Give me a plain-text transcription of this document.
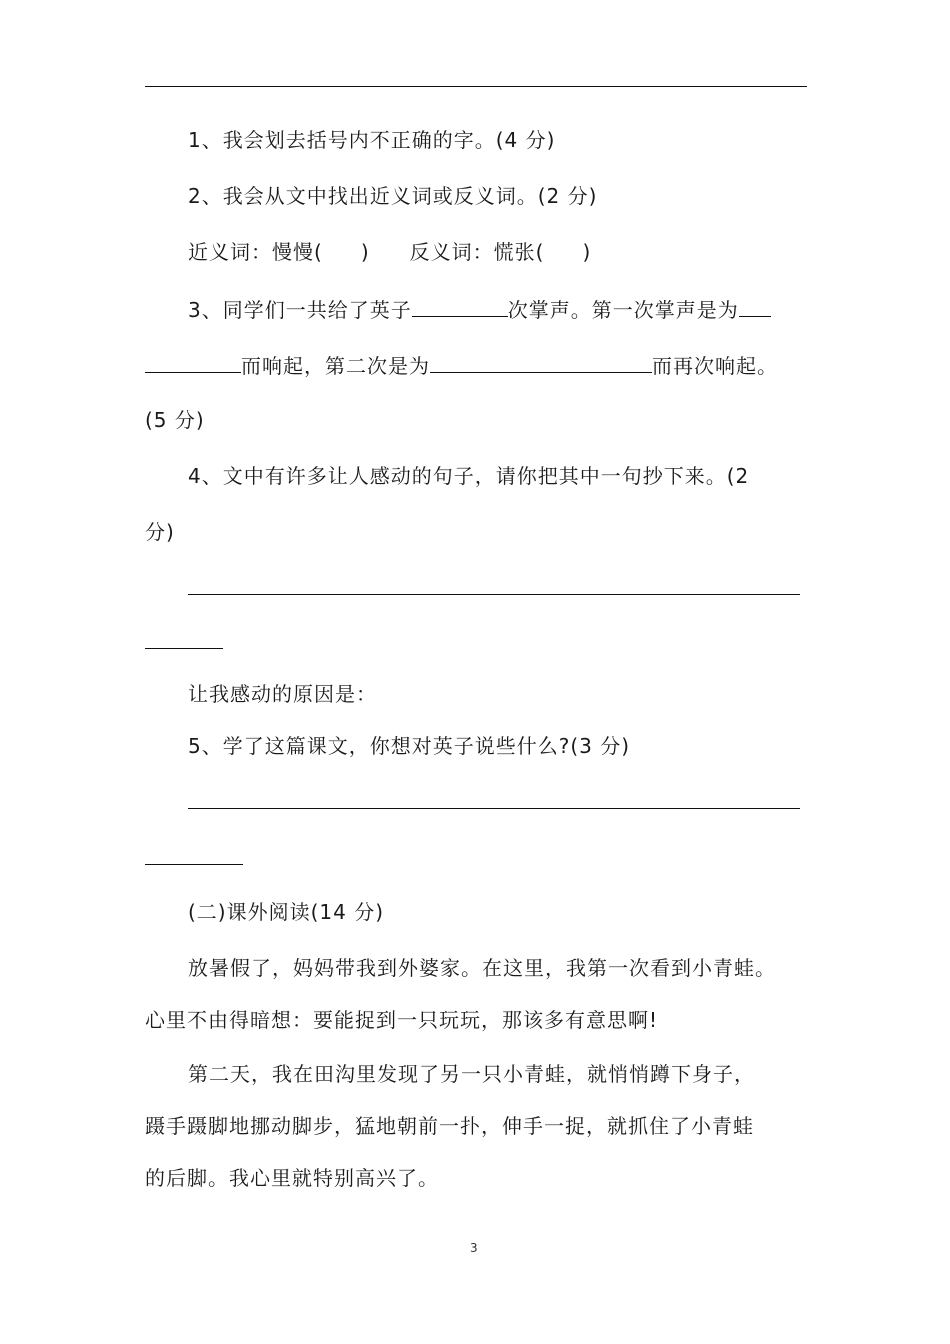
1、我会划去括号内不正确的字。(4 分)
2、我会从文中找出近义词或反义词。(2 分)
近义词：慢慢( ) 反义词：慌张( )
3、同学们一共给了英子	次掌声。第一次掌声是为
而响起，第二次是为	而再次响起。
(5 分)
4、文中有许多让人感动的句子，请你把其中一句抄下来。(2
分)
让我感动的原因是：
5、学了这篇课文，你想对英子说些什么?(3 分)
(二)课外阅读(14 分)
放暑假了，妈妈带我到外婆家。在这里，我第一次看到小青蛙。
心里不由得暗想：要能捉到一只玩玩，那该多有意思啊!
第二天，我在田沟里发现了另一只小青蛙，就悄悄蹲下身子，
蹑手蹑脚地挪动脚步，猛地朝前一扑，伸手一捉，就抓住了小青蛙
的后脚。我心里就特别高兴了。
3
